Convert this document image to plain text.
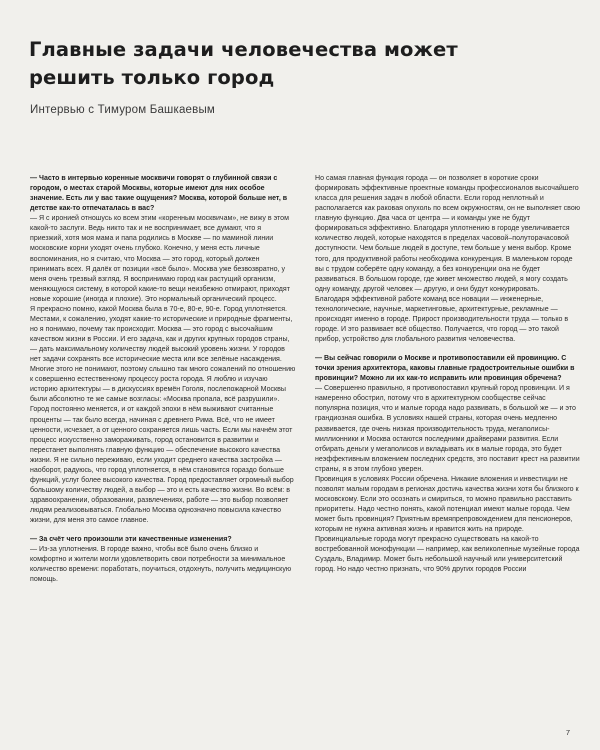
Главные задачи человечества может решить только город
Интервью с Тимуром Башкаевым

— Часто в интервью коренные москвичи говорят о глубинной связи с городом, о местах старой Москвы, которые имеют для них особое значение. Есть ли у вас такие ощущения? Москва, которой больше нет, в детстве как-то отпечаталась в вас?

— Я с иронией отношусь ко всем этим «коренным москвичам», не вижу в этом какой-то заслуги. Ведь никто так и не воспринимает, все думают, что я приезжий, хотя моя мама и папа родились в Москве — по маминой линии московские корни уходят очень глубоко. Конечно, у меня есть личные воспоминания, но я считаю, что Москва — это город, который должен принимать всех. Я далёк от позиции «всё было». Москва уже безвозвратно, у меня очень трезвый взгляд. Я воспринимаю город как растущий организм, меняющуюся систему, в которой какие-то вещи неизбежно отмирают, приходят новые хорошие (иногда и плохие). Это нормальный органический процесс.

Я прекрасно помню, какой Москва была в 70-е, 80-е, 90-е. Город уплотняется. Местами, к сожалению, уходят какие-то исторические и природные фрагменты, но я понимаю, почему так происходит. Москва — это город с высочайшим качеством жизни в России. И его задача, как и других крупных городов страны, — дать максимальному количеству людей высокий уровень жизни. У городов нет задачи сохранять все исторические места или все зелёные насаждения. Многие этого не понимают, поэтому слышно так много сожалений по отношению к совершенно естественному процессу роста города. Я люблю и изучаю историю архитектуры — в дискуссиях времён Гоголя, послепожарной Москвы были абсолютно те же самые возгласы: «Москва пропала, всё разрушили».

Город постоянно меняется, и от каждой эпохи в нём выживают считанные проценты — так было всегда, начиная с древнего Рима. Всё, что не имеет ценности, исчезает, а от ценного сохраняется лишь часть. Если мы начнём этот процесс искусственно замораживать, город остановится в развитии и перестанет выполнять главную функцию — обеспечение высокого качества жизни. Я не сильно переживаю, если уходит среднего качества застройка — наоборот, радуюсь, что город уплотняется, в нём становится гораздо больше функций, услуг более высокого качества. Город предоставляет огромный выбор большому количеству людей, а выбор — это и есть качество жизни. Во всём: в здравоохранении, образовании, развлечениях, работе — это выбор позволяет людям реализовываться. Глобально Москва однозначно повысила качество жизни, для меня это самое главное.

— За счёт чего произошли эти качественные изменения?

— Из-за уплотнения. В городе важно, чтобы всё было очень близко и комфортно и жители могли удовлетворить свои потребности за минимальное количество времени: поработать, поучиться, отдохнуть, получить медицинскую помощь.

Но самая главная функция города — он позволяет в короткие сроки формировать эффективные проектные команды профессионалов высочайшего класса для решения задач в любой области. Если город неплотный и располагается как раковая опухоль по всем окружностям, он не выполняет свою главную функцию. Два часа от центра — и команды уже не будут формироваться эффективно. Благодаря уплотнению в городе увеличивается количество людей, которые находятся в пределах часовой–полуторачасовой доступности. Чем больше людей в доступе, тем больше у меня выбор. Кроме того, для продуктивной работы необходима конкуренция. В маленьком городе вы с трудом соберёте одну команду, а без конкуренции она не будет развиваться. В большом городе, где живет множество людей, я могу создать одну команду, другой человек — другую, и они будут конкурировать.

Благодаря эффективной работе команд все новации — инженерные, технологические, научные, маркетинговые, архитектурные, рекламные — происходят именно в городе. Прирост производительности труда — только в городе. И это развивает всё общество. Получается, что город — это такой прибор, устройство для глобального развития человечества.

— Вы сейчас говорили о Москве и противопоставили ей провинцию. С точки зрения архитектора, каковы главные градостроительные ошибки в провинции? Можно ли их как-то исправить или провинция обречена?

— Совершенно правильно, я противопоставил крупный город провинции. И я намеренно обострил, потому что в архитектурном сообществе сейчас популярна позиция, что и малые города надо развивать, в большой же — и это грандиозная ошибка. В условиях нашей страны, которая очень медленно развивается, где очень низкая производительность труда, мегаполисы-миллионники и Москва остаются последними драйверами развития. Если отбирать деньги у мегаполисов и вкладывать их в малые города, это будет неэффективным вложением последних средств, это поставит крест на развитии страны, я в этом глубоко уверен.

Провинция в условиях России обречена. Никакие вложения и инвестиции не позволят малым городам в регионах достичь качества жизни хотя бы близкого к московскому. Если это осознать и смириться, то можно правильно расставить приоритеты. Надо честно понять, какой потенциал имеют малые города. Чем может быть провинция? Приятным времяпрепровождением для пенсионеров, которым не нужна активная жизнь и нравится жить на природе. Провинциальные города могут прекрасно существовать на какой-то востребованной монофункции — например, как великолепные музейные города Суздаль, Владимир. Может быть небольшой научный или университетский город. Но надо честно признать, что 90% других городов России

7
